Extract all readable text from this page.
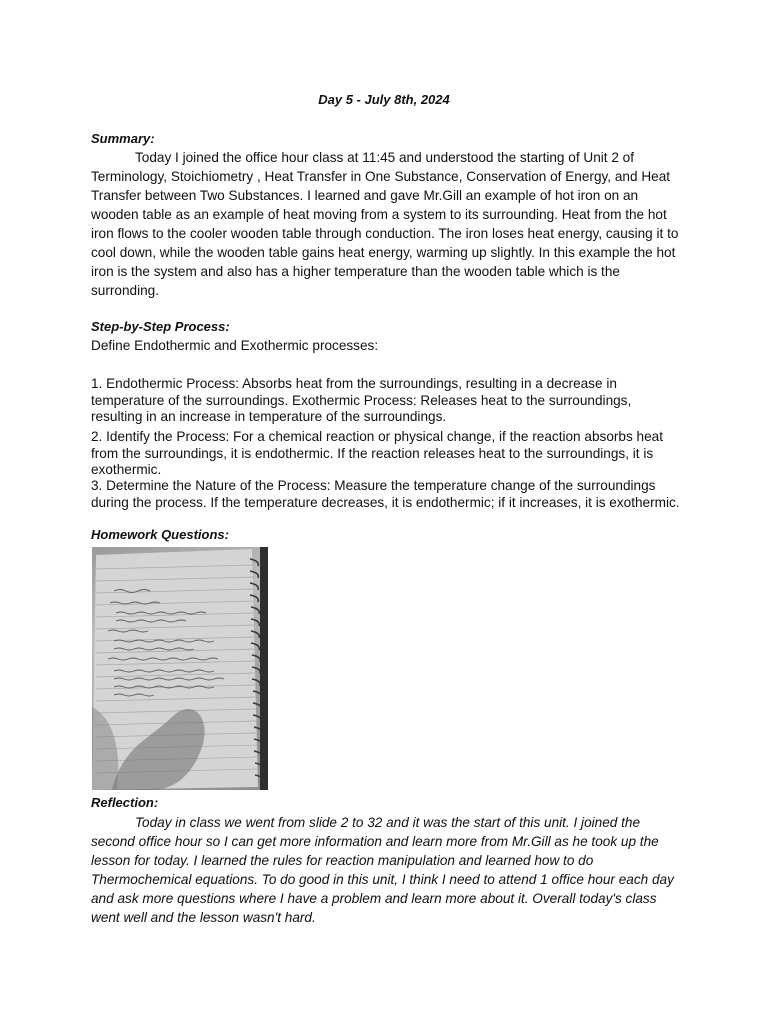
Day 5 - July 8th, 2024
Summary:
Today I joined the office hour class at 11:45 and understood the starting of Unit 2 of Terminology, Stoichiometry , Heat Transfer in One Substance, Conservation of Energy, and Heat Transfer between Two Substances. I learned and gave Mr.Gill an example of hot iron on an wooden table as an example of heat moving from a system to its surrounding. Heat from the hot iron flows to the cooler wooden table through conduction. The iron loses heat energy, causing it to cool down, while the wooden table gains heat energy, warming up slightly. In this example the hot iron is the system and also has a higher temperature than the wooden table which is the surronding.
Step-by-Step Process:
Define Endothermic and Exothermic processes:
1. Endothermic Process: Absorbs heat from the surroundings, resulting in a decrease in temperature of the surroundings. Exothermic Process: Releases heat to the surroundings, resulting in an increase in temperature of the surroundings.
2. Identify the Process: For a chemical reaction or physical change, if the reaction absorbs heat from the surroundings, it is endothermic. If the reaction releases heat to the surroundings, it is exothermic.
3. Determine the Nature of the Process: Measure the temperature change of the surroundings during the process. If the temperature decreases, it is endothermic; if it increases, it is exothermic.
Homework Questions:
Reflection:
Today in class we went from slide 2 to 32 and it was the start of this unit. I joined the second office hour so I can get more information and learn more from Mr.Gill as he took up the lesson for today. I learned the rules for reaction manipulation and learned how to do Thermochemical equations. To do good in this unit, I think I need to attend 1 office hour each day and ask more questions where I have a problem and learn more about it. Overall today's class went well and the lesson wasn't hard.
